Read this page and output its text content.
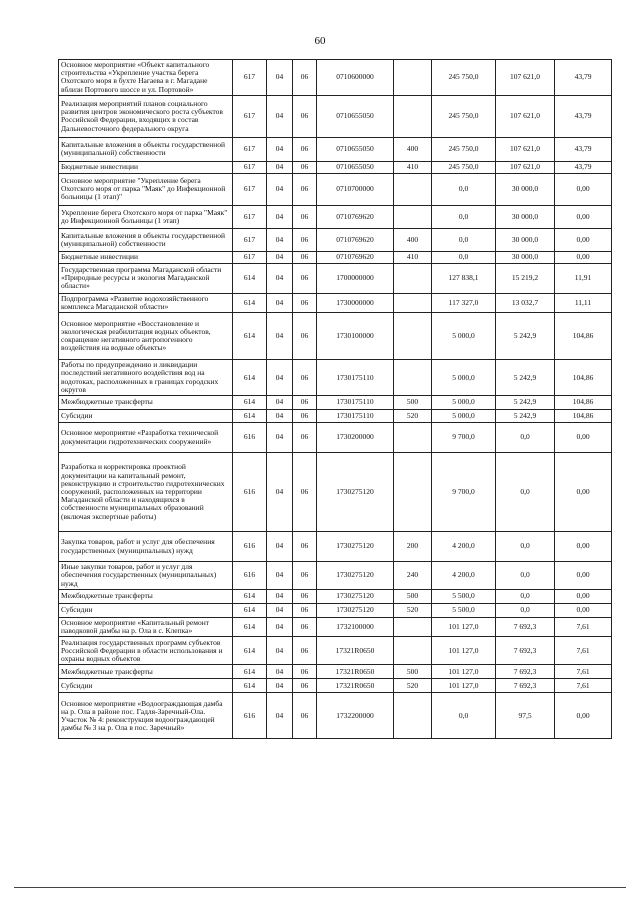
60
Основное мероприятие «Объект капитального строительства «Укрепление участка берега Охотского моря в бухте Нагаева в г. Магадане вблизи Портового шоссе и ул. Портовой»	617	04	06	0710600000		245 750,0	107 621,0	43,79
Реализация мероприятий планов социального развития центров экономического роста субъектов Российской Федерации, входящих в состав Дальневосточного федерального округа	617	04	06	0710655050		245 750,0	107 621,0	43,79
Капитальные вложения в объекты государственной (муниципальной) собственности	617	04	06	0710655050	400	245 750,0	107 621,0	43,79
Бюджетные инвестиции	617	04	06	0710655050	410	245 750,0	107 621,0	43,79
Основное мероприятие "Укрепление берега Охотского моря от парка "Маяк" до Инфекционной больницы (1 этап)"	617	04	06	0710700000		0,0	30 000,0	0,00
Укрепление берега Охотского моря от парка "Маяк" до Инфекционной больницы (1 этап)	617	04	06	0710769620		0,0	30 000,0	0,00
Капитальные вложения в объекты государственной (муниципальной) собственности	617	04	06	0710769620	400	0,0	30 000,0	0,00
Бюджетные инвестиции	617	04	06	0710769620	410	0,0	30 000,0	0,00
Государственная программа Магаданской области «Природные ресурсы и экология Магаданской области»	614	04	06	1700000000		127 838,1	15 219,2	11,91
Подпрограмма «Развитие водохозяйственного комплекса Магаданской области»	614	04	06	1730000000		117 327,0	13 032,7	11,11
Основное мероприятие «Восстановление и экологическая реабилитация водных объектов, сокращение негативного антропогенного воздействия на водные объекты»	614	04	06	1730100000		5 000,0	5 242,9	104,86
Работы по предупреждению и ликвидации последствий негативного воздействия вод на водотоках, расположенных в границах городских округов	614	04	06	1730175110		5 000,0	5 242,9	104,86
Межбюджетные трансферты	614	04	06	1730175110	500	5 000,0	5 242,9	104,86
Субсидии	614	04	06	1730175110	520	5 000,0	5 242,9	104,86
Основное мероприятие «Разработка технической документации гидротехнических сооружений»	616	04	06	1730200000		9 700,0	0,0	0,00
Разработка и корректировка проектной документации на капитальный ремонт, реконструкцию и строительство гидротехнических сооружений, расположенных на территории Магаданской области и находящихся в собственности муниципальных образований (включая экспертные работы)	616	04	06	1730275120		9 700,0	0,0	0,00
Закупка товаров, работ и услуг для обеспечения государственных (муниципальных) нужд	616	04	06	1730275120	200	4 200,0	0,0	0,00
Иные закупки товаров, работ и услуг для обеспечения государственных (муниципальных) нужд	616	04	06	1730275120	240	4 200,0	0,0	0,00
Межбюджетные трансферты	614	04	06	1730275120	500	5 500,0	0,0	0,00
Субсидии	614	04	06	1730275120	520	5 500,0	0,0	0,00
Основное мероприятие «Капитальный ремонт паводковой дамбы на р. Ола в с. Клепка»	614	04	06	1732100000		101 127,0	7 692,3	7,61
Реализация государственных программ субъектов Российской Федерации в области использования и охраны водных объектов	614	04	06	17321R0650		101 127,0	7 692,3	7,61
Межбюджетные трансферты	614	04	06	17321R0650	500	101 127,0	7 692,3	7,61
Субсидии	614	04	06	17321R0650	520	101 127,0	7 692,3	7,61
Основное мероприятие «Водоограждающая дамба на р. Ола в районе пос. Гадля-Заречный-Ола. Участок № 4: реконструкция водоограждающей дамбы № 3 на р. Ола в пос. Заречный»	616	04	06	1732200000		0,0	97,5	0,00
